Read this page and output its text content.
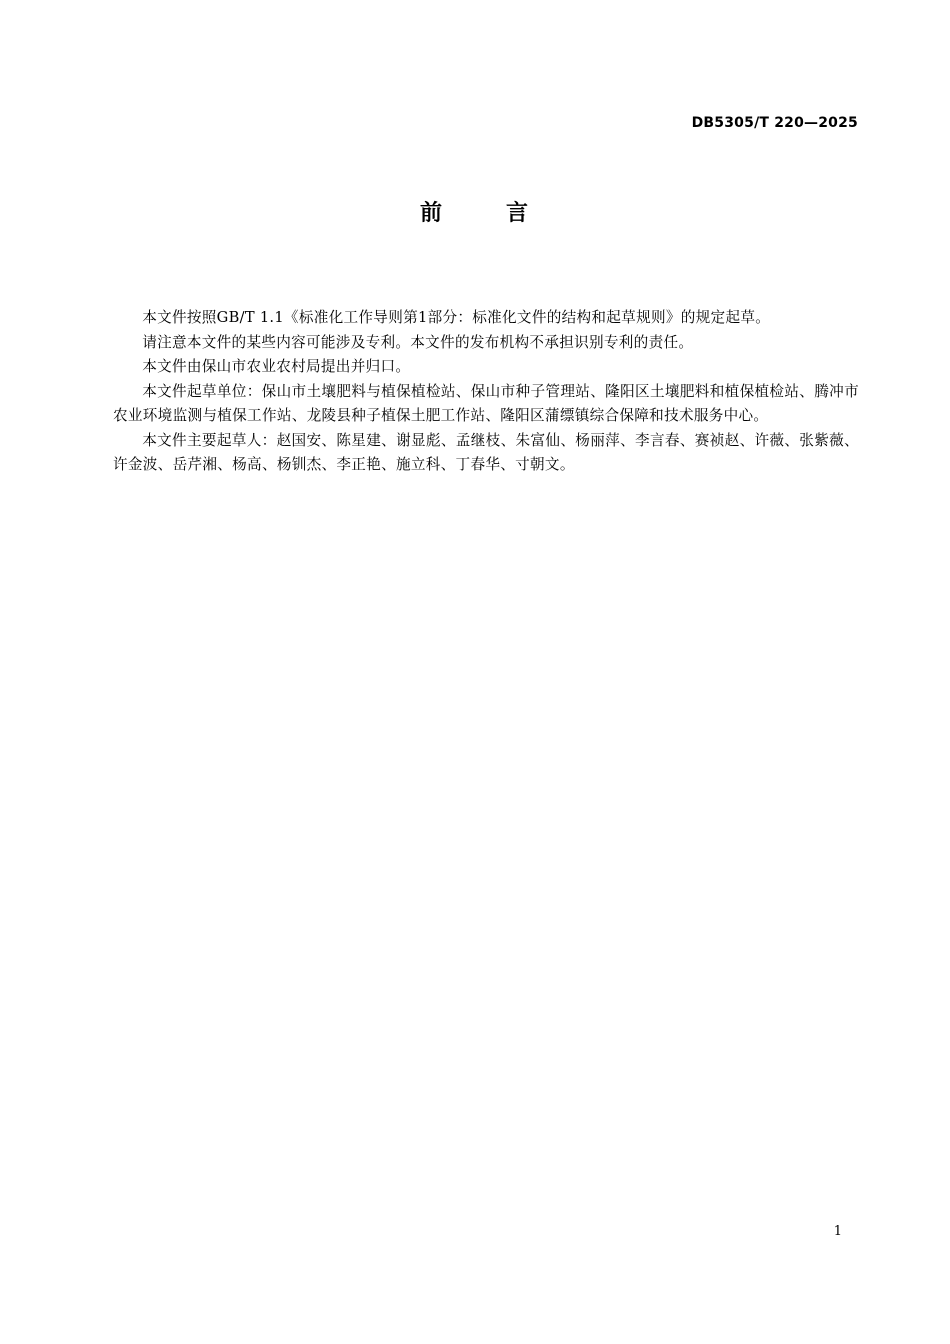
DB5305/T 220—2025
前	言

本文件按照GB/T 1.1《标准化工作导则第1部分：标准化文件的结构和起草规则》的规定起草。

请注意本文件的某些内容可能涉及专利。本文件的发布机构不承担识别专利的责任。

本文件由保山市农业农村局提出并归口。

本文件起草单位：保山市土壤肥料与植保植检站、保山市种子管理站、隆阳区土壤肥料和植保植检站、腾冲市农业环境监测与植保工作站、龙陵县种子植保土肥工作站、隆阳区蒲缥镇综合保障和技术服务中心。

本文件主要起草人：赵国安、陈星建、谢显彪、孟继枝、朱富仙、杨丽萍、李言春、赛祯赵、许薇、张紫薇、许金波、岳芹湘、杨高、杨钏杰、李正艳、施立科、丁春华、寸朝文。

1
